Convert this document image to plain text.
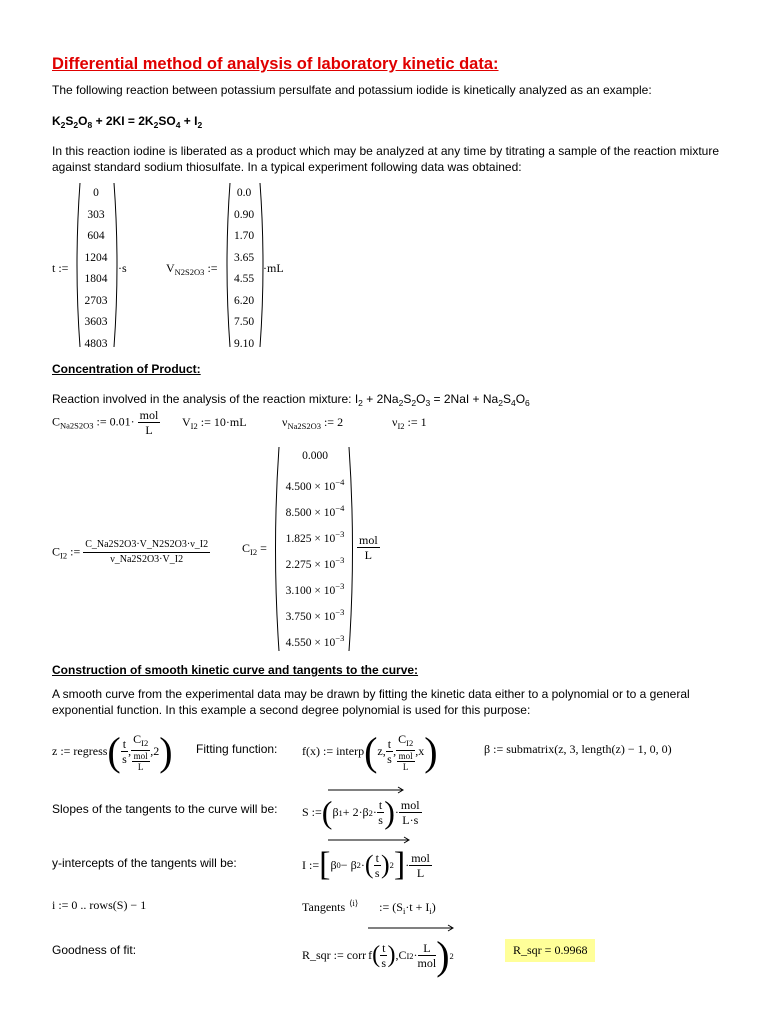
Differential method of analysis of laboratory kinetic data:
The following reaction between potassium persulfate and potassium iodide is kinetically analyzed as an example:
$K_2S_2O_8 + 2KI = 2K_2SO_4 + I_2$
In this reaction iodine is liberated as a product which may be analyzed at any time by titrating a sample of the reaction mixture against standard sodium thiosulfate. In a typical experiment following data was obtained:
t :=
0
303
604
1204
1804
2703
3603
4803
·s	$V_{N2S2O3}$ :=
0.0
0.90
1.70
3.65
4.55
6.20
7.50
9.10
·mL
Concentration of Product:
Reaction involved in the analysis of the reaction mixture: $I_2 + 2Na_2S_2O_3 = 2NaI + Na_2S_4O_6$
$C_{Na2S2O3}$ := $0.01\cdot \frac{\text{mol}}{L} V_{I2}$ := 10·mL	$\nu_{Na2S2O3}$ := 2	$\nu_{I2}$ := 1
$C_{I2}$ := $\frac{C\_Na2S2O3\cdot V\_N2S2O3\cdot\nu\_I2}{\nu\_Na2S2O3\cdot V\_I2}$	$C_{I2}$ =
0.000
$4.500 \times 10^{-4}$
$8.500 \times 10^{-4}$
$1.825 \times 10^{-3}$
$2.275 \times 10^{-3}$
$3.100 \times 10^{-3}$
$3.750 \times 10^{-3}$
$4.550 \times 10^{-3}$
$\frac{\text{mol}}{L}$
Construction of smooth kinetic curve and tangents to the curve:
A smooth curve from the experimental data may be drawn by fitting the kinetic data either to a polynomial or to a general exponential function. In this example a second degree polynomial is used for this purpose:
z := regress ( $\frac{t}{s}$ , $\frac{C_{I2}}{\frac{\text{mol}}{L}} ,2$ ) Fitting function: f(x) := interp ( z, $\frac{t}{s}$ , $\frac{C_{I2}}{\frac{\text{mol}}{L}} ,x$ )	β := submatrix(z, 3, length(z) − 1, 0, 0)
Slopes of the tangents to the curve will be: S := ( β 1 + 2·β $2 \cdot \frac{t}{s}$ ) · $\frac{\text{mol}}{L\cdot s}$
y-intercepts of the tangents will be:	I := [ β 0 − β 2 · ( $\frac{t}{s}$ ) 2 ] · $\frac{\text{mol}}{L}$
i := 0 .. rows(S) − 1	Tangents $^{⟨i⟩}$ := $(S_i\cdot t + I_i)$
Goodness of fit:	R_sqr := corr f ( $\frac{t}{s}$ ) , C $I2 \cdot \frac{L}{\text{mol}}$ ) 2	R_sqr = 0.9968
